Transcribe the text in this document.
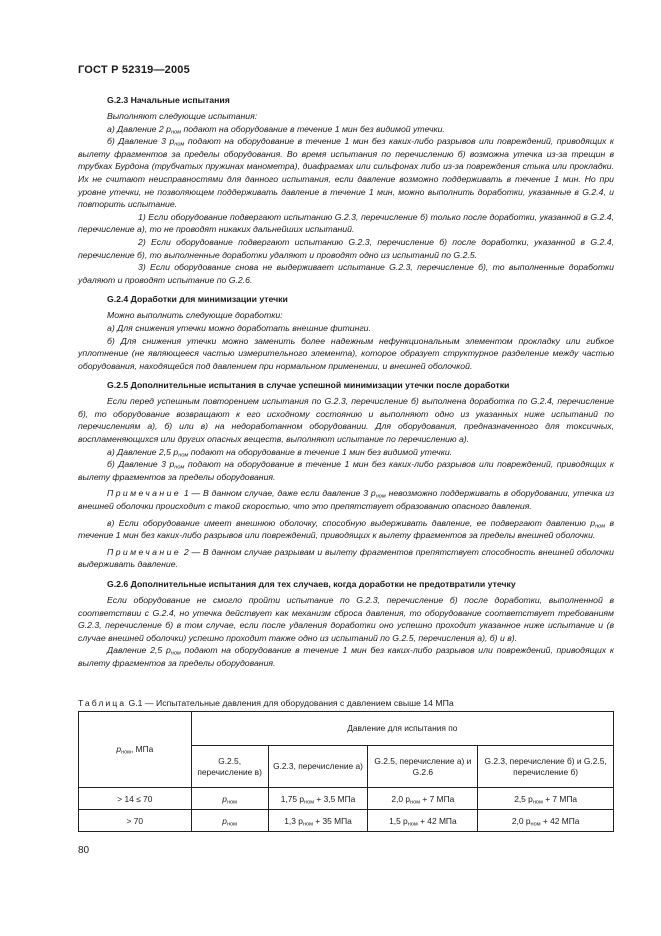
ГОСТ Р 52319—2005

G.2.3 Начальные испытания

Выполняют следующие испытания:

а) Давление 2 $p_{ном}$ подают на оборудование в течение 1 мин без видимой утечки.

б) Давление 3 $p_{ном}$ подают на оборудование в течение 1 мин без каких-либо разрывов или повреждений, приводящих к вылету фрагментов за пределы оборудования. Во время испытания по перечислению б) возможна утечка из-за трещин в трубках Бурдона (трубчатых пружинах манометра), диафрагмах или сильфонах либо из-за повреждения стыка или прокладки. Их не считают неисправностями для данного испытания, если давление возможно поддерживать в течение 1 мин. Но при уровне утечки, не позволяющем поддерживать давление в течение 1 мин, можно выполнить доработки, указанные в G.2.4, и повторить испытание.

1) Если оборудование подвергают испытанию G.2.3, перечисление б) только после доработки, указанной в G.2.4, перечисление а), то не проводят никаких дальнейших испытаний.

2) Если оборудование подвергают испытанию G.2.3, перечисление б) после доработки, указанной в G.2.4, перечисление б), то выполненные доработки удаляют и проводят одно из испытаний по G.2.5.

3) Если оборудование снова не выдерживает испытание G.2.3, перечисление б), то выполненные доработки удаляют и проводят испытание по G.2.6.

G.2.4 Доработки для минимизации утечки

Можно выполнить следующие доработки:

а) Для снижения утечки можно доработать внешние фитинги.

б) Для снижения утечки можно заменить более надежным нефункциональным элементом прокладку или гибкое уплотнение (не являющееся частью измерительного элемента), которое образует структурное разделение между частью оборудования, находящейся под давлением при нормальном применении, и внешней оболочкой.

G.2.5 Дополнительные испытания в случае успешной минимизации утечки после доработки

Если перед успешным повторением испытания по G.2.3, перечисление б) выполнена доработка по G.2.4, перечисление б), то оборудование возвращают к его исходному состоянию и выполняют одно из указанных ниже испытаний по перечислениям а), б) или в) на недоработанном оборудовании. Для оборудования, предназначенного для токсичных, воспламеняющихся или других опасных веществ, выполняют испытание по перечислению а).

а) Давление 2,5 $p_{ном}$ подают на оборудование в течение 1 мин без видимой утечки.

б) Давление 3 $p_{ном}$ подают на оборудование в течение 1 мин без каких-либо разрывов или повреждений, приводящих к вылету фрагментов за пределы оборудования.

Примечание 1 — В данном случае, даже если давление 3 $p_{ном}$ невозможно поддерживать в оборудовании, утечка из внешней оболочки происходит с такой скоростью, что это препятствует образованию опасного давления.

в) Если оборудование имеет внешнюю оболочку, способную выдерживать давление, ее подвергают давлению $p_{ном}$ в течение 1 мин без каких-либо разрывов или повреждений, приводящих к вылету фрагментов за пределы внешней оболочки.

Примечание 2 — В данном случае разрывам и вылету фрагментов препятствует способность внешней оболочки выдерживать давление.

G.2.6 Дополнительные испытания для тех случаев, когда доработки не предотвратили утечку

Если оборудование не смогло пройти испытание по G.2.3, перечисление б) после доработки, выполненной в соответствии с G.2.4, но утечка действует как механизм сброса давления, то оборудование соответствует требованиям G.2.3, перечисление б) в том случае, если после удаления доработки оно успешно проходит указанное ниже испытание и (в случае внешней оболочки) успешно проходит также одно из испытаний по G.2.5, перечисления а), б) и в).

Давление 2,5 $p_{ном}$ подают на оборудование в течение 1 мин без каких-либо разрывов или повреждений, приводящих к вылету фрагментов за пределы оборудования.

Таблица G.1 — Испытательные давления для оборудования с давлением свыше 14 МПа
$p_{ном}$, МПа	Давление для испытания по			
	G.2.5, перечисление в)	G.2.3, перечисление а)	G.2.5, перечисление а) и G.2.6	G.2.3, перечисление б) и G.2.5, перечисление б)
> 14 ≤ 70	$p_{ном}$	1,75 $p_{ном} + 3,5$ МПа	2,0 $p_{ном} + 7$ МПа	2,5 $p_{ном} + 7$ МПа
> 70	$p_{ном}$	1,3 $p_{ном} + 35$ МПа	1,5 $p_{ном} + 42$ МПа	2,0 $p_{ном} + 42$ МПа
80
